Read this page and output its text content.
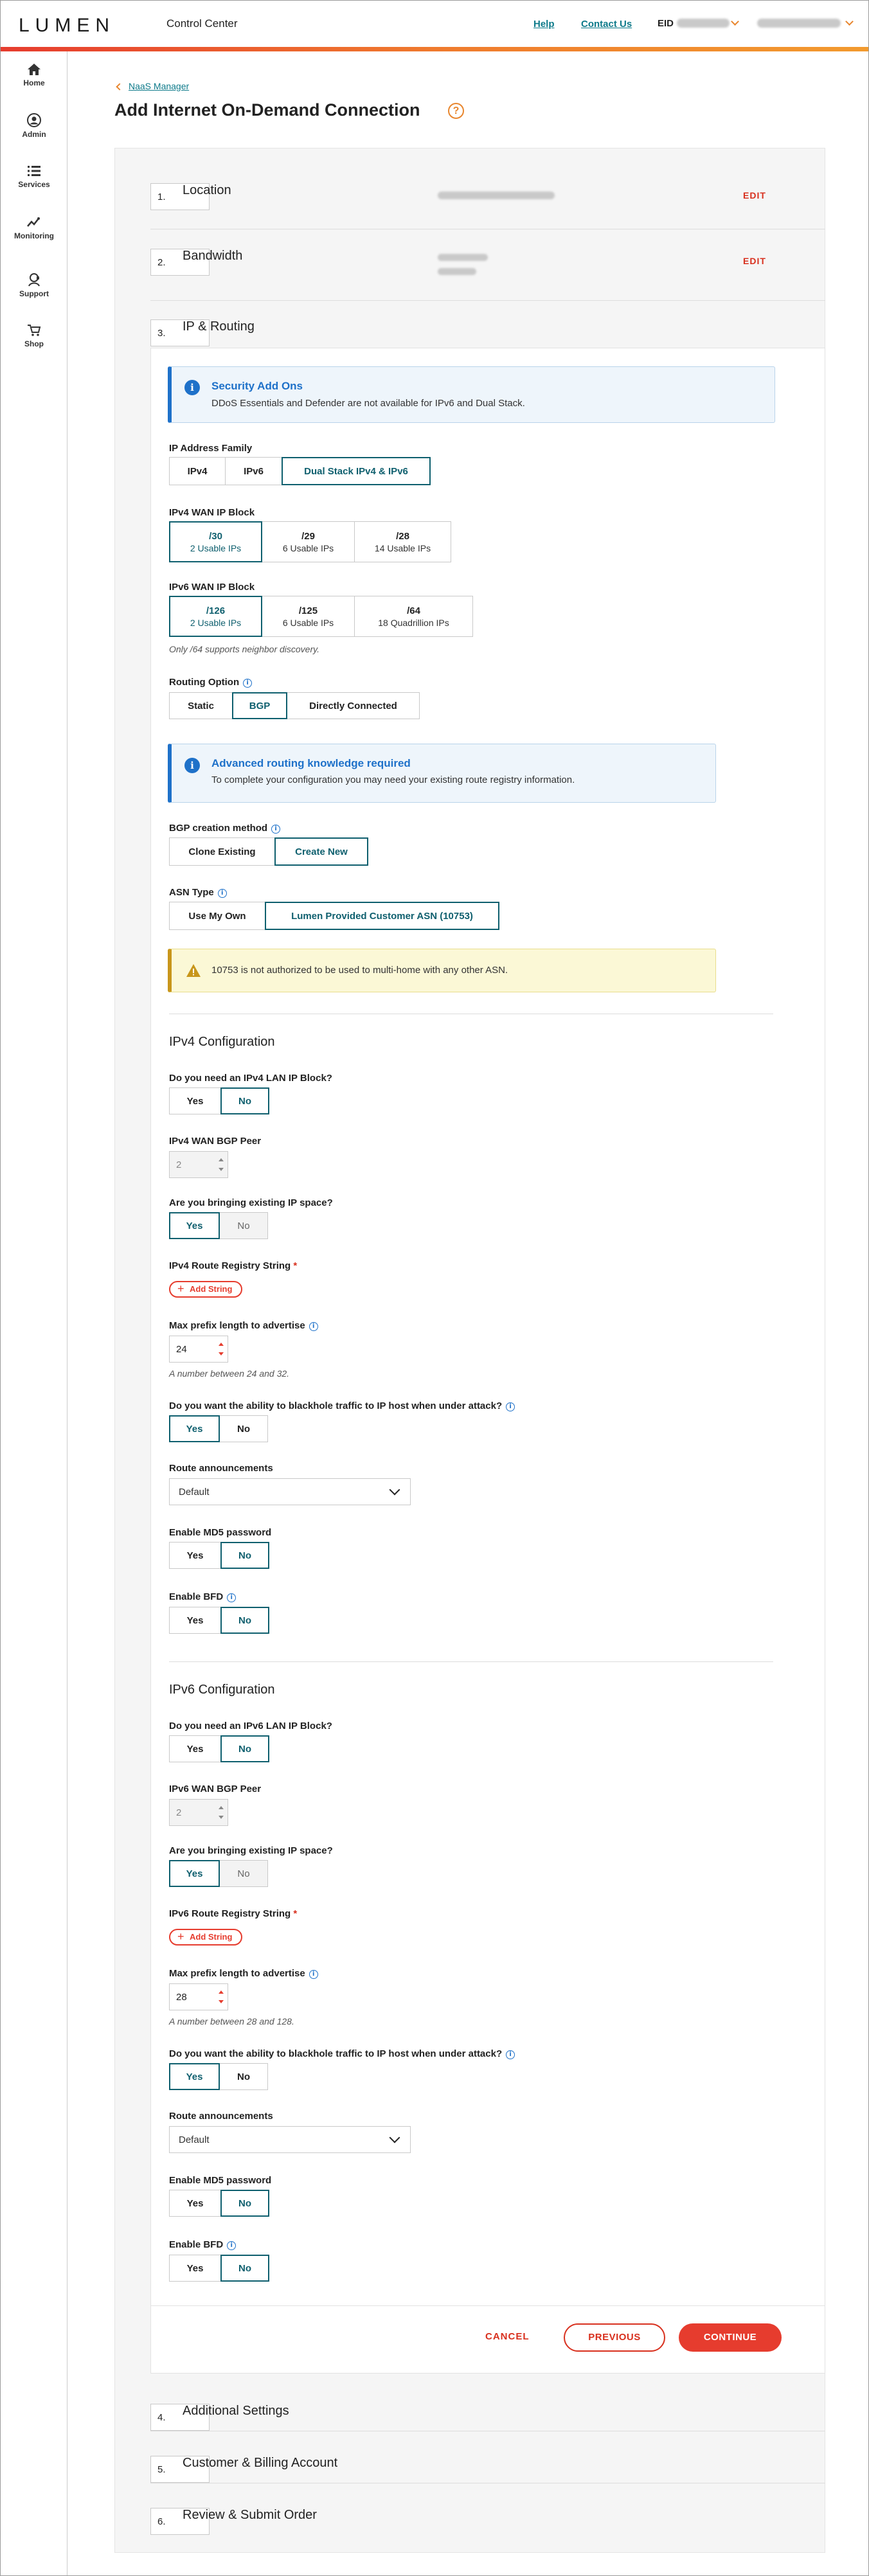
LUMEN	Control Center	Help	Contact Us	EID
Home
Admin
Services
Monitoring
Support
Shop
NaaS Manager
Add Internet On-Demand Connection	?
1.	Location	EDIT
2.	Bandwidth	EDIT
3.	IP & Routing
i	Security Add Ons
DDoS Essentials and Defender are not available for IPv6 and Dual Stack.
IP Address Family
IPv4	IPv6	Dual Stack IPv4 & IPv6
IPv4 WAN IP Block
/30
2 Usable IPs
/29
6 Usable IPs
/28
14 Usable IPs
IPv6 WAN IP Block
/126
2 Usable IPs
/125
6 Usable IPs
/64
18 Quadrillion IPs
Only /64 supports neighbor discovery.
Routing Option i
Static	BGP	Directly Connected
i	Advanced routing knowledge required
To complete your configuration you may need your existing route registry information.
BGP creation method i
Clone Existing	Create New
ASN Type i
Use My Own	Lumen Provided Customer ASN (10753)
10753 is not authorized to be used to multi-home with any other ASN.
IPv4 Configuration
Do you need an IPv4 LAN IP Block?
Yes	No
IPv4 WAN BGP Peer
2
Are you bringing existing IP space?
Yes	No
IPv4 Route Registry String *
+ Add String
Max prefix length to advertise i
24
A number between 24 and 32.
Do you want the ability to blackhole traffic to IP host when under attack? i
Yes	No
Route announcements
Default
Enable MD5 password
Yes	No
Enable BFD i
Yes	No
IPv6 Configuration
Do you need an IPv6 LAN IP Block?
Yes	No
IPv6 WAN BGP Peer
2
Are you bringing existing IP space?
Yes	No
IPv6 Route Registry String *
+ Add String
Max prefix length to advertise i
28
A number between 28 and 128.
Do you want the ability to blackhole traffic to IP host when under attack? i
Yes	No
Route announcements
Default
Enable MD5 password
Yes	No
Enable BFD i
Yes	No
CANCEL	PREVIOUS	CONTINUE
4.	Additional Settings
5.	Customer & Billing Account
6.	Review & Submit Order
